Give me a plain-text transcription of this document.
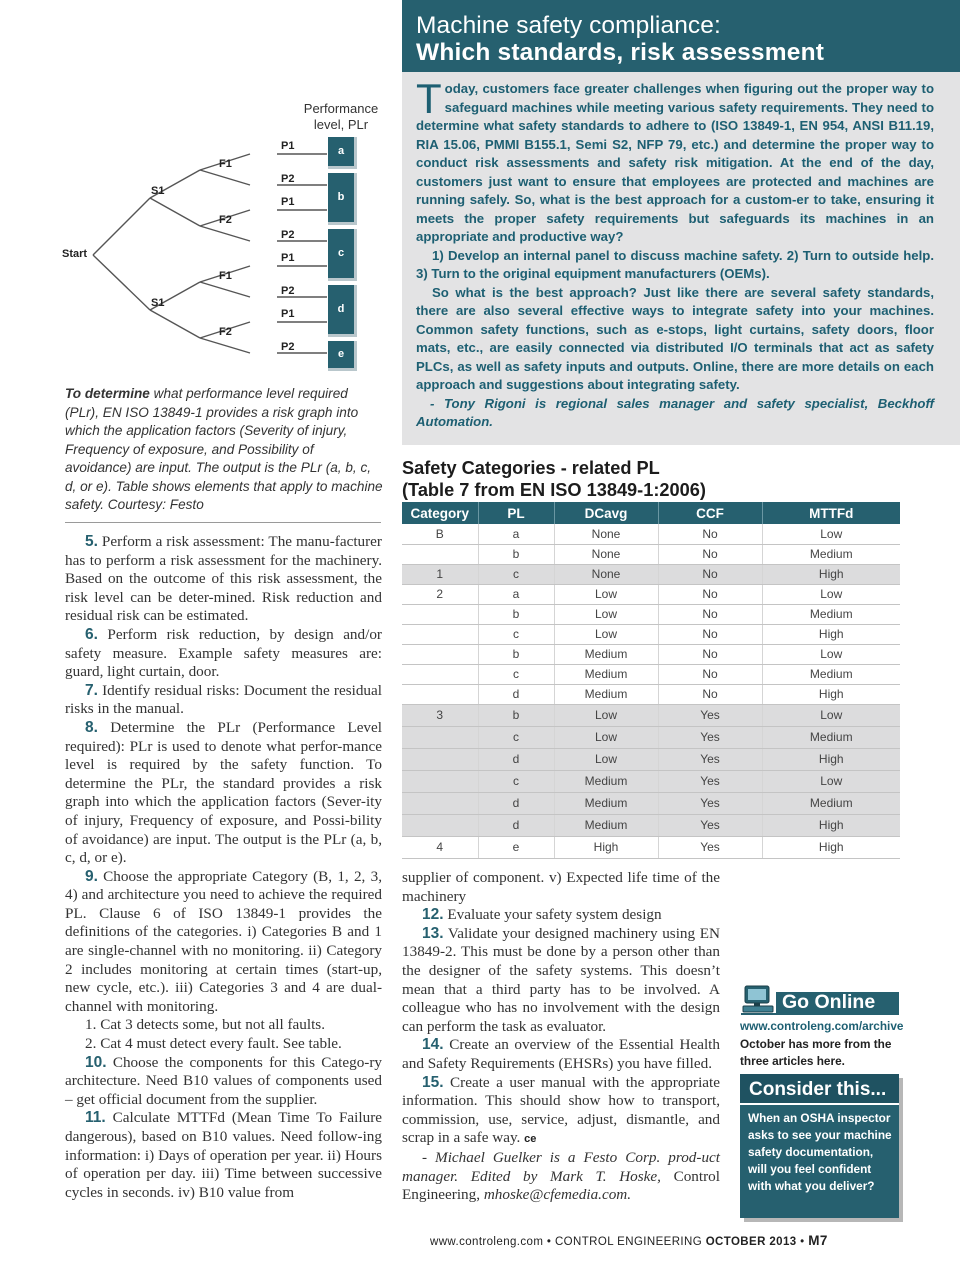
Machine safety compliance:
Which standards, risk assessment

Today, customers face greater challenges when figuring out the proper way to safeguard machines while meeting various safety requirements. They need to determine what safety standards to adhere to (ISO 13849-1, EN 954, ANSI B11.19, RIA 15.06, PMMI B155.1, Semi S2, NFP 79, etc.) and determine the proper way to conduct risk assessments and safety risk mitigation. At the end of the day, customers just want to ensure that employees are protected and machines are running safely. So, what is the best approach for a custom-er to take, ensuring it meets the proper safety requirements but safeguards its machines in an appropriate and productive way?

1) Develop an internal panel to discuss machine safety. 2) Turn to outside help. 3) Turn to the original equipment manufacturers (OEMs).

So what is the best approach? Just like there are several safety standards, there are also several effective ways to integrate safety into your machines. Common safety functions, such as e-stops, light curtains, safety doors, floor mats, etc., are easily connected via distributed I/O terminals that act as safety PLCs, as well as safety inputs and outputs. Online, there are more details on each approach and suggestions about integrating safety.

- Tony Rigoni is regional sales manager and safety specialist, Beckhoff Automation.

Performance
level, PLr
Start
S1
S1
F1
F2
F1
F2
P1
P2
P1
P2
P1
P2
P1
P2
a
b
c
d
e
To determine what performance level required (PLr), EN ISO 13849-1 provides a risk graph into which the application factors (Severity of injury, Frequency of exposure, and Possibility of avoidance) are input. The output is the PLr (a, b, c, d, or e). Table shows elements that apply to machine safety. Courtesy: Festo

5. Perform a risk assessment: The manu-facturer has to perform a risk assessment for the machinery. Based on the outcome of this risk assessment, the risk level can be deter-mined. Risk reduction and residual risk can be estimated.

6. Perform risk reduction, by design and/or safety measure. Example safety measures are: guard, light curtain, door.

7. Identify residual risks: Document the residual risks in the manual.

8. Determine the PLr (Performance Level required): PLr is used to denote what perfor-mance level is required by the safety function. To determine the PLr, the standard provides a risk graph into which the application factors (Sever-ity of injury, Frequency of exposure, and Possi-bility of avoidance) are input. The output is the PLr (a, b, c, d, or e).

9. Choose the appropriate Category (B, 1, 2, 3, 4) and architecture you need to achieve the required PL. Clause 6 of ISO 13849-1 provides the definitions of the categories. i) Categories B and 1 are single-channel with no monitoring. ii) Category 2 includes monitoring at certain times (start-up, new cycle, etc.). iii) Categories 3 and 4 are dual-channel with monitoring.

1. Cat 3 detects some, but not all faults.

2. Cat 4 must detect every fault. See table.

10. Choose the components for this Catego-ry architecture. Need B10 values of components used – get official document from the supplier.

11. Calculate MTTFd (Mean Time To Failure dangerous), based on B10 values. Need follow-ing information: i) Days of operation per year. ii) Hours of operation per day. iii) Time between successive cycles in seconds. iv) B10 value from

Safety Categories - related PL
(Table 7 from EN ISO 13849-1:2006)
Category	PL	DCavg	CCF	MTTFd
B	a	None	No	Low
	b	None	No	Medium
1	c	None	No	High
2	a	Low	No	Low
	b	Low	No	Medium
	c	Low	No	High
	b	Medium	No	Low
	c	Medium	No	Medium
	d	Medium	No	High
3	b	Low	Yes	Low
	c	Low	Yes	Medium
	d	Low	Yes	High
	c	Medium	Yes	Low
	d	Medium	Yes	Medium
	d	Medium	Yes	High
4	e	High	Yes	High

supplier of component. v) Expected life time of the machinery

12. Evaluate your safety system design

13. Validate your designed machinery using EN 13849-2. This must be done by a person other than the designer of the safety systems. This doesn’t mean that a third party has to be involved. A colleague who has no involvement with the design can perform the task as evaluator.

14. Create an overview of the Essential Health and Safety Requirements (EHSRs) you have filled.

15. Create a user manual with the appropriate information. This should show how to transport, commission, use, service, adjust, dismantle, and scrap in a safe way. ce

- Michael Guelker is a Festo Corp. prod-uct manager. Edited by Mark T. Hoske, Control Engineering, mhoske@cfemedia.com.

Go Online
www.controleng.com/archive
October has more from the three articles here.
Consider this...
When an OSHA inspector asks to see your machine safety documentation, will you feel confident with what you deliver?
www.controleng.com • CONTROL ENGINEERING OCTOBER 2013 • M7
